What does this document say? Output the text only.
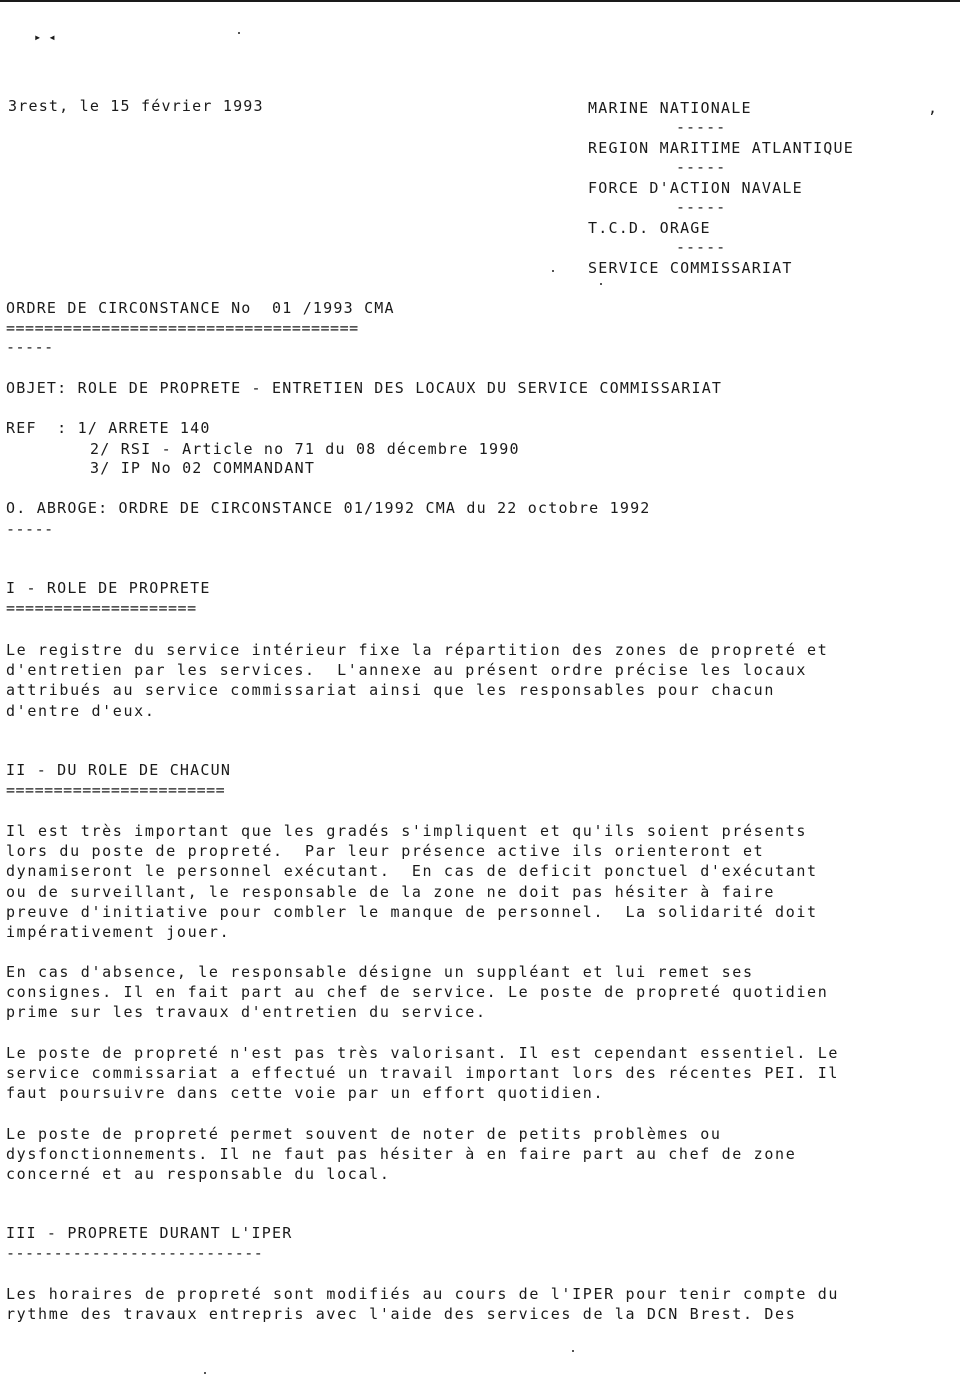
▸ ◂
3rest, le 15 février 1993	MARINE NATIONALE	,
-----
REGION MARITIME ATLANTIQUE
-----
FORCE D'ACTION NAVALE
-----
T.C.D. ORAGE
-----
SERVICE COMMISSARIAT
ORDRE DE CIRCONSTANCE No  01 /1993 CMA
=====================================
-----
OBJET: ROLE DE PROPRETE - ENTRETIEN DES LOCAUX DU SERVICE COMMISSARIAT
REF  : 1/ ARRETE 140
2/ RSI - Article no 71 du 08 décembre 1990
3/ IP No 02 COMMANDANT
O. ABROGE: ORDRE DE CIRCONSTANCE 01/1992 CMA du 22 octobre 1992
-----
I - ROLE DE PROPRETE
====================
Le registre du service intérieur fixe la répartition des zones de propreté et
d'entretien par les services.  L'annexe au présent ordre précise les locaux
attribués au service commissariat ainsi que les responsables pour chacun
d'entre d'eux.
II - DU ROLE DE CHACUN
=======================
Il est très important que les gradés s'impliquent et qu'ils soient présents
lors du poste de propreté.  Par leur présence active ils orienteront et
dynamiseront le personnel exécutant.  En cas de deficit ponctuel d'exécutant
ou de surveillant, le responsable de la zone ne doit pas hésiter à faire
preuve d'initiative pour combler le manque de personnel.  La solidarité doit
impérativement jouer.
En cas d'absence, le responsable désigne un suppléant et lui remet ses
consignes. Il en fait part au chef de service. Le poste de propreté quotidien
prime sur les travaux d'entretien du service.
Le poste de propreté n'est pas très valorisant. Il est cependant essentiel. Le
service commissariat a effectué un travail important lors des récentes PEI. Il
faut poursuivre dans cette voie par un effort quotidien.
Le poste de propreté permet souvent de noter de petits problèmes ou
dysfonctionnements. Il ne faut pas hésiter à en faire part au chef de zone
concerné et au responsable du local.
III - PROPRETE DURANT L'IPER
---------------------------
Les horaires de propreté sont modifiés au cours de l'IPER pour tenir compte du
rythme des travaux entrepris avec l'aide des services de la DCN Brest. Des
